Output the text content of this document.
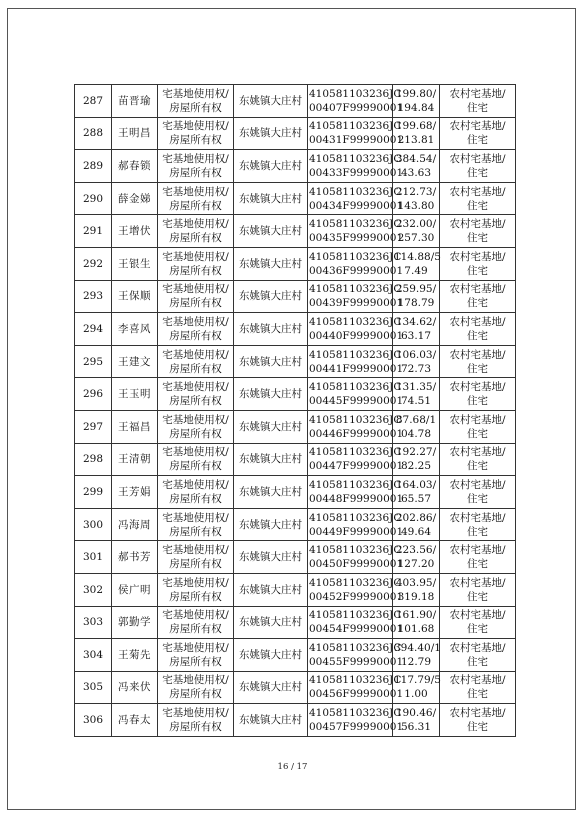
287	苗晋瑜	宅基地使用权/
房屋所有权	东姚镇大庄村	410581103236JC
00407F99990001	199.80/
194.84	农村宅基地/
住宅

288	王明昌	宅基地使用权/
房屋所有权	东姚镇大庄村	410581103236JC
00431F99990001	199.68/
213.81	农村宅基地/
住宅

289	郝春锁	宅基地使用权/
房屋所有权	东姚镇大庄村	410581103236JC
00433F99990001	384.54/
43.63	农村宅基地/
住宅

290	薛金娣	宅基地使用权/
房屋所有权	东姚镇大庄村	410581103236JC
00434F99990001	212.73/
143.80	农村宅基地/
住宅

291	王增伏	宅基地使用权/
房屋所有权	东姚镇大庄村	410581103236JC
00435F99990001	232.00/
257.30	农村宅基地/
住宅

292	王银生	宅基地使用权/
房屋所有权	东姚镇大庄村	410581103236JC
00436F99990001	114.88/5
7.49	农村宅基地/
住宅

293	王保顺	宅基地使用权/
房屋所有权	东姚镇大庄村	410581103236JC
00439F99990001	259.95/
178.79	农村宅基地/
住宅

294	李喜风	宅基地使用权/
房屋所有权	东姚镇大庄村	410581103236JC
00440F99990001	134.62/
63.17	农村宅基地/
住宅

295	王建文	宅基地使用权/
房屋所有权	东姚镇大庄村	410581103236JC
00441F99990001	106.03/
72.73	农村宅基地/
住宅

296	王玉明	宅基地使用权/
房屋所有权	东姚镇大庄村	410581103236JC
00445F99990001	131.35/
74.51	农村宅基地/
住宅

297	王福昌	宅基地使用权/
房屋所有权	东姚镇大庄村	410581103236JC
00446F99990001	87.68/1
04.78	农村宅基地/
住宅

298	王清朝	宅基地使用权/
房屋所有权	东姚镇大庄村	410581103236JC
00447F99990001	192.27/
82.25	农村宅基地/
住宅

299	王芳娟	宅基地使用权/
房屋所有权	东姚镇大庄村	410581103236JC
00448F99990001	164.03/
65.57	农村宅基地/
住宅

300	冯海周	宅基地使用权/
房屋所有权	东姚镇大庄村	410581103236JC
00449F99990001	202.86/
49.64	农村宅基地/
住宅

301	郝书芳	宅基地使用权/
房屋所有权	东姚镇大庄村	410581103236JC
00450F99990001	223.56/
127.20	农村宅基地/
住宅

302	侯广明	宅基地使用权/
房屋所有权	东姚镇大庄村	410581103236JC
00452F99990001	403.95/
319.18	农村宅基地/
住宅

303	郭勤学	宅基地使用权/
房屋所有权	东姚镇大庄村	410581103236JC
00454F99990001	161.90/
101.68	农村宅基地/
住宅

304	王菊先	宅基地使用权/
房屋所有权	东姚镇大庄村	410581103236JC
00455F99990001	394.40/1
12.79	农村宅基地/
住宅

305	冯来伏	宅基地使用权/
房屋所有权	东姚镇大庄村	410581103236JC
00456F99990001	117.79/5
1.00	农村宅基地/
住宅

306	冯春太	宅基地使用权/
房屋所有权	东姚镇大庄村	410581103236JC
00457F99990001	190.46/
56.31	农村宅基地/
住宅
16 / 17
